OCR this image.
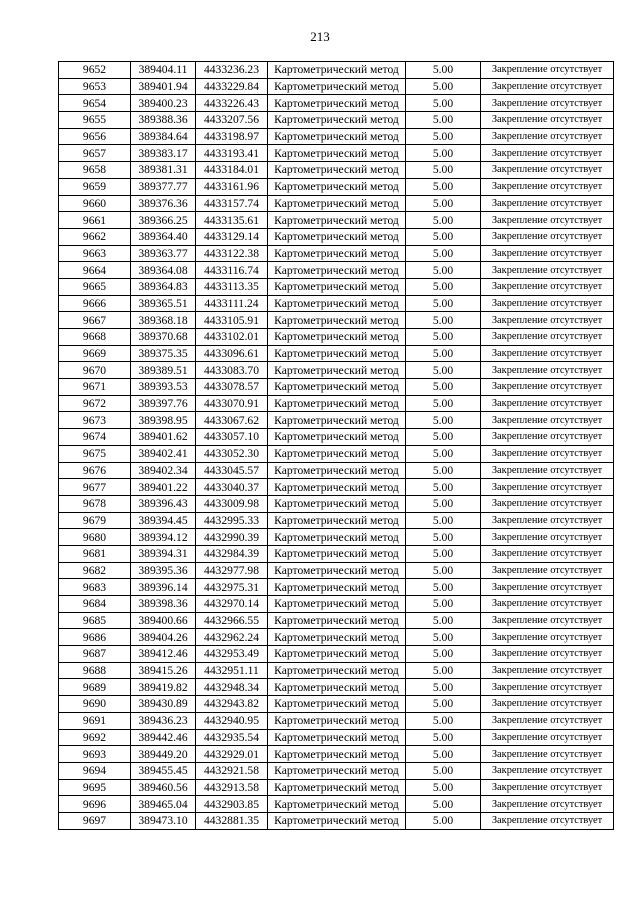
213
9652	389404.11	4433236.23	Картометрический метод	5.00	Закрепление отсутствует
9653	389401.94	4433229.84	Картометрический метод	5.00	Закрепление отсутствует
9654	389400.23	4433226.43	Картометрический метод	5.00	Закрепление отсутствует
9655	389388.36	4433207.56	Картометрический метод	5.00	Закрепление отсутствует
9656	389384.64	4433198.97	Картометрический метод	5.00	Закрепление отсутствует
9657	389383.17	4433193.41	Картометрический метод	5.00	Закрепление отсутствует
9658	389381.31	4433184.01	Картометрический метод	5.00	Закрепление отсутствует
9659	389377.77	4433161.96	Картометрический метод	5.00	Закрепление отсутствует
9660	389376.36	4433157.74	Картометрический метод	5.00	Закрепление отсутствует
9661	389366.25	4433135.61	Картометрический метод	5.00	Закрепление отсутствует
9662	389364.40	4433129.14	Картометрический метод	5.00	Закрепление отсутствует
9663	389363.77	4433122.38	Картометрический метод	5.00	Закрепление отсутствует
9664	389364.08	4433116.74	Картометрический метод	5.00	Закрепление отсутствует
9665	389364.83	4433113.35	Картометрический метод	5.00	Закрепление отсутствует
9666	389365.51	4433111.24	Картометрический метод	5.00	Закрепление отсутствует
9667	389368.18	4433105.91	Картометрический метод	5.00	Закрепление отсутствует
9668	389370.68	4433102.01	Картометрический метод	5.00	Закрепление отсутствует
9669	389375.35	4433096.61	Картометрический метод	5.00	Закрепление отсутствует
9670	389389.51	4433083.70	Картометрический метод	5.00	Закрепление отсутствует
9671	389393.53	4433078.57	Картометрический метод	5.00	Закрепление отсутствует
9672	389397.76	4433070.91	Картометрический метод	5.00	Закрепление отсутствует
9673	389398.95	4433067.62	Картометрический метод	5.00	Закрепление отсутствует
9674	389401.62	4433057.10	Картометрический метод	5.00	Закрепление отсутствует
9675	389402.41	4433052.30	Картометрический метод	5.00	Закрепление отсутствует
9676	389402.34	4433045.57	Картометрический метод	5.00	Закрепление отсутствует
9677	389401.22	4433040.37	Картометрический метод	5.00	Закрепление отсутствует
9678	389396.43	4433009.98	Картометрический метод	5.00	Закрепление отсутствует
9679	389394.45	4432995.33	Картометрический метод	5.00	Закрепление отсутствует
9680	389394.12	4432990.39	Картометрический метод	5.00	Закрепление отсутствует
9681	389394.31	4432984.39	Картометрический метод	5.00	Закрепление отсутствует
9682	389395.36	4432977.98	Картометрический метод	5.00	Закрепление отсутствует
9683	389396.14	4432975.31	Картометрический метод	5.00	Закрепление отсутствует
9684	389398.36	4432970.14	Картометрический метод	5.00	Закрепление отсутствует
9685	389400.66	4432966.55	Картометрический метод	5.00	Закрепление отсутствует
9686	389404.26	4432962.24	Картометрический метод	5.00	Закрепление отсутствует
9687	389412.46	4432953.49	Картометрический метод	5.00	Закрепление отсутствует
9688	389415.26	4432951.11	Картометрический метод	5.00	Закрепление отсутствует
9689	389419.82	4432948.34	Картометрический метод	5.00	Закрепление отсутствует
9690	389430.89	4432943.82	Картометрический метод	5.00	Закрепление отсутствует
9691	389436.23	4432940.95	Картометрический метод	5.00	Закрепление отсутствует
9692	389442.46	4432935.54	Картометрический метод	5.00	Закрепление отсутствует
9693	389449.20	4432929.01	Картометрический метод	5.00	Закрепление отсутствует
9694	389455.45	4432921.58	Картометрический метод	5.00	Закрепление отсутствует
9695	389460.56	4432913.58	Картометрический метод	5.00	Закрепление отсутствует
9696	389465.04	4432903.85	Картометрический метод	5.00	Закрепление отсутствует
9697	389473.10	4432881.35	Картометрический метод	5.00	Закрепление отсутствует
